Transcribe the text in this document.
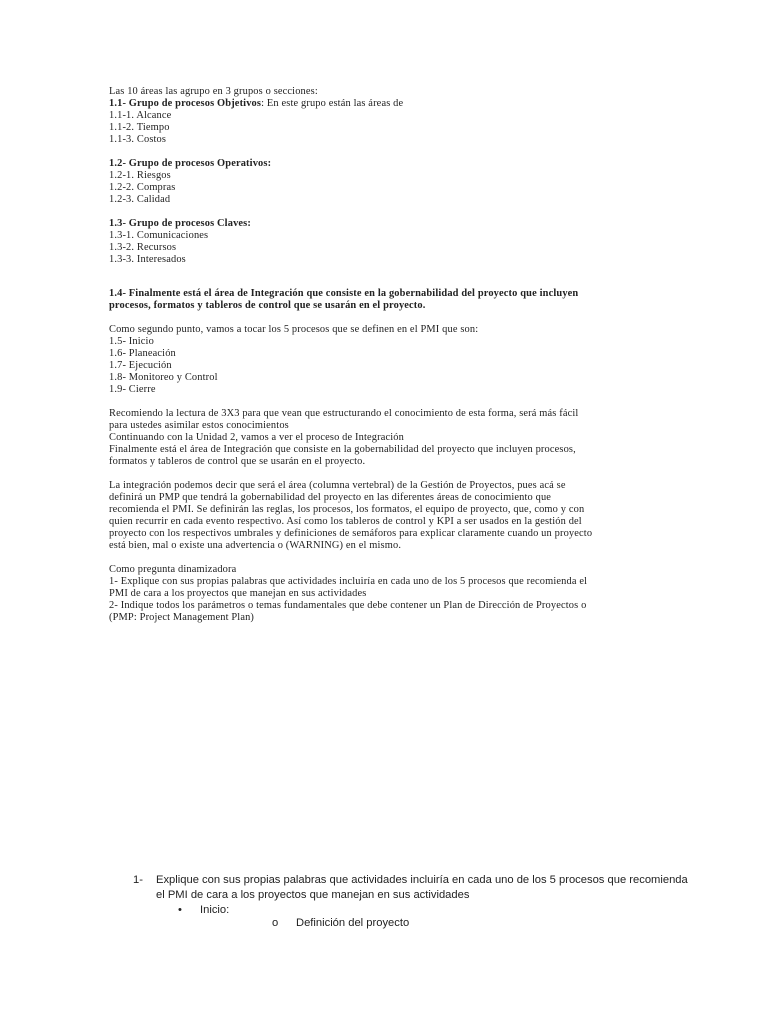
Las 10 áreas las agrupo en 3 grupos o secciones:
1.1- Grupo de procesos Objetivos: En este grupo están las áreas de
1.1-1. Alcance
1.1-2. Tiempo
1.1-3. Costos
1.2- Grupo de procesos Operativos:
1.2-1. Riesgos
1.2-2. Compras
1.2-3. Calidad
1.3- Grupo de procesos Claves:
1.3-1. Comunicaciones
1.3-2. Recursos
1.3-3. Interesados
1.4- Finalmente está el área de Integración que consiste en la gobernabilidad del proyecto que incluyen
procesos, formatos y tableros de control que se usarán en el proyecto.
Como segundo punto, vamos a tocar los 5 procesos que se definen en el PMI que son:
1.5- Inicio
1.6- Planeación
1.7- Ejecución
1.8- Monitoreo y Control
1.9- Cierre
Recomiendo la lectura de 3X3 para que vean que estructurando el conocimiento de esta forma, será más fácil
para ustedes asimilar estos conocimientos
Continuando con la Unidad 2, vamos a ver el proceso de Integración
Finalmente está el área de Integración que consiste en la gobernabilidad del proyecto que incluyen procesos,
formatos y tableros de control que se usarán en el proyecto.
La integración podemos decir que será el área (columna vertebral) de la Gestión de Proyectos, pues acá se
definirá un PMP que tendrá la gobernabilidad del proyecto en las diferentes áreas de conocimiento que
recomienda el PMI. Se definirán las reglas, los procesos, los formatos, el equipo de proyecto, que, como y con
quien recurrir en cada evento respectivo. Así como los tableros de control y KPI a ser usados en la gestión del
proyecto con los respectivos umbrales y definiciones de semáforos para explicar claramente cuando un proyecto
está bien, mal o existe una advertencia o (WARNING) en el mismo.
Como pregunta dinamizadora
1- Explique con sus propias palabras que actividades incluiría en cada uno de los 5 procesos que recomienda el
PMI de cara a los proyectos que manejan en sus actividades
2- Indique todos los parámetros o temas fundamentales que debe contener un Plan de Dirección de Proyectos o
(PMP: Project Management Plan)
1- Explique con sus propias palabras que actividades incluiría en cada uno de los 5 procesos que recomienda
el PMI de cara a los proyectos que manejan en sus actividades
• Inicio:
o Definición del proyecto
